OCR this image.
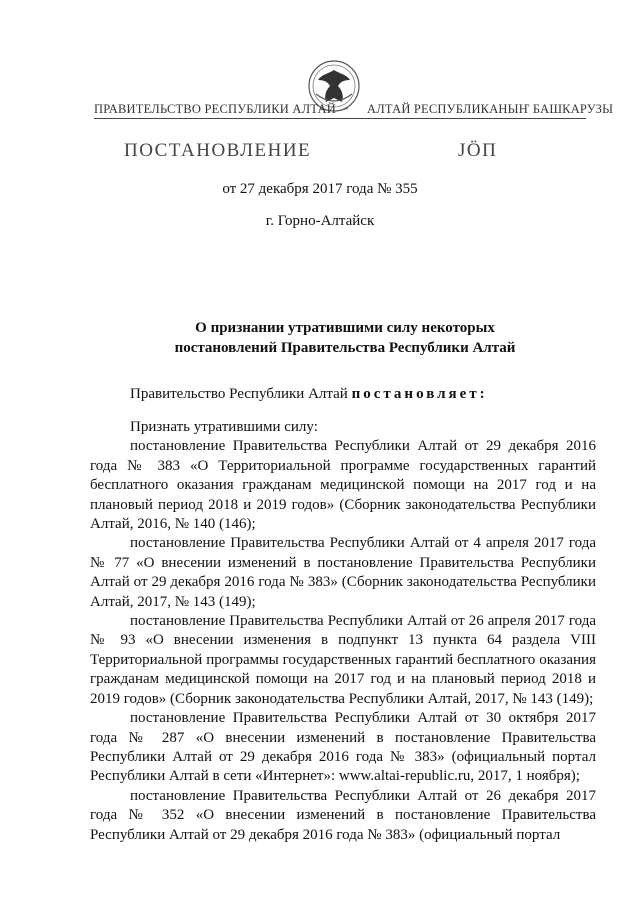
ПРАВИТЕЛЬСТВО РЕСПУБЛИКИ АЛТАЙ АЛТАЙ РЕСПУБЛИКАНЫҤ БАШКАРУЗЫ
ПОСТАНОВЛЕНИЕ	ЈÖП
от 27 декабря 2017 года № 355
г. Горно-Алтайск
О признании утратившими силу некоторых
постановлений Правительства Республики Алтай
Правительство Республики Алтай постановляет:

Признать утратившими силу:

постановление Правительства Республики Алтай от 29 декабря 2016 года № 383 «О Территориальной программе государственных гарантий бесплатного оказания гражданам медицинской помощи на 2017 год и на плановый период 2018 и 2019 годов» (Сборник законодательства Республики Алтай, 2016, № 140 (146);

постановление Правительства Республики Алтай от 4 апреля 2017 года № 77 «О внесении изменений в постановление Правительства Республики Алтай от 29 декабря 2016 года № 383» (Сборник законодательства Республики Алтай, 2017, № 143 (149);

постановление Правительства Республики Алтай от 26 апреля 2017 года № 93 «О внесении изменения в подпункт 13 пункта 64 раздела VIII Территориальной программы государственных гарантий бесплатного оказания гражданам медицинской помощи на 2017 год и на плановый период 2018 и 2019 годов» (Сборник законодательства Республики Алтай, 2017, № 143 (149);

постановление Правительства Республики Алтай от 30 октября 2017 года № 287 «О внесении изменений в постановление Правительства Республики Алтай от 29 декабря 2016 года № 383» (официальный портал Республики Алтай в сети «Интернет»: www.altai-republic.ru, 2017, 1 ноября);

постановление Правительства Республики Алтай от 26 декабря 2017 года № 352 «О внесении изменений в постановление Правительства Республики Алтай от 29 декабря 2016 года № 383» (официальный портал
